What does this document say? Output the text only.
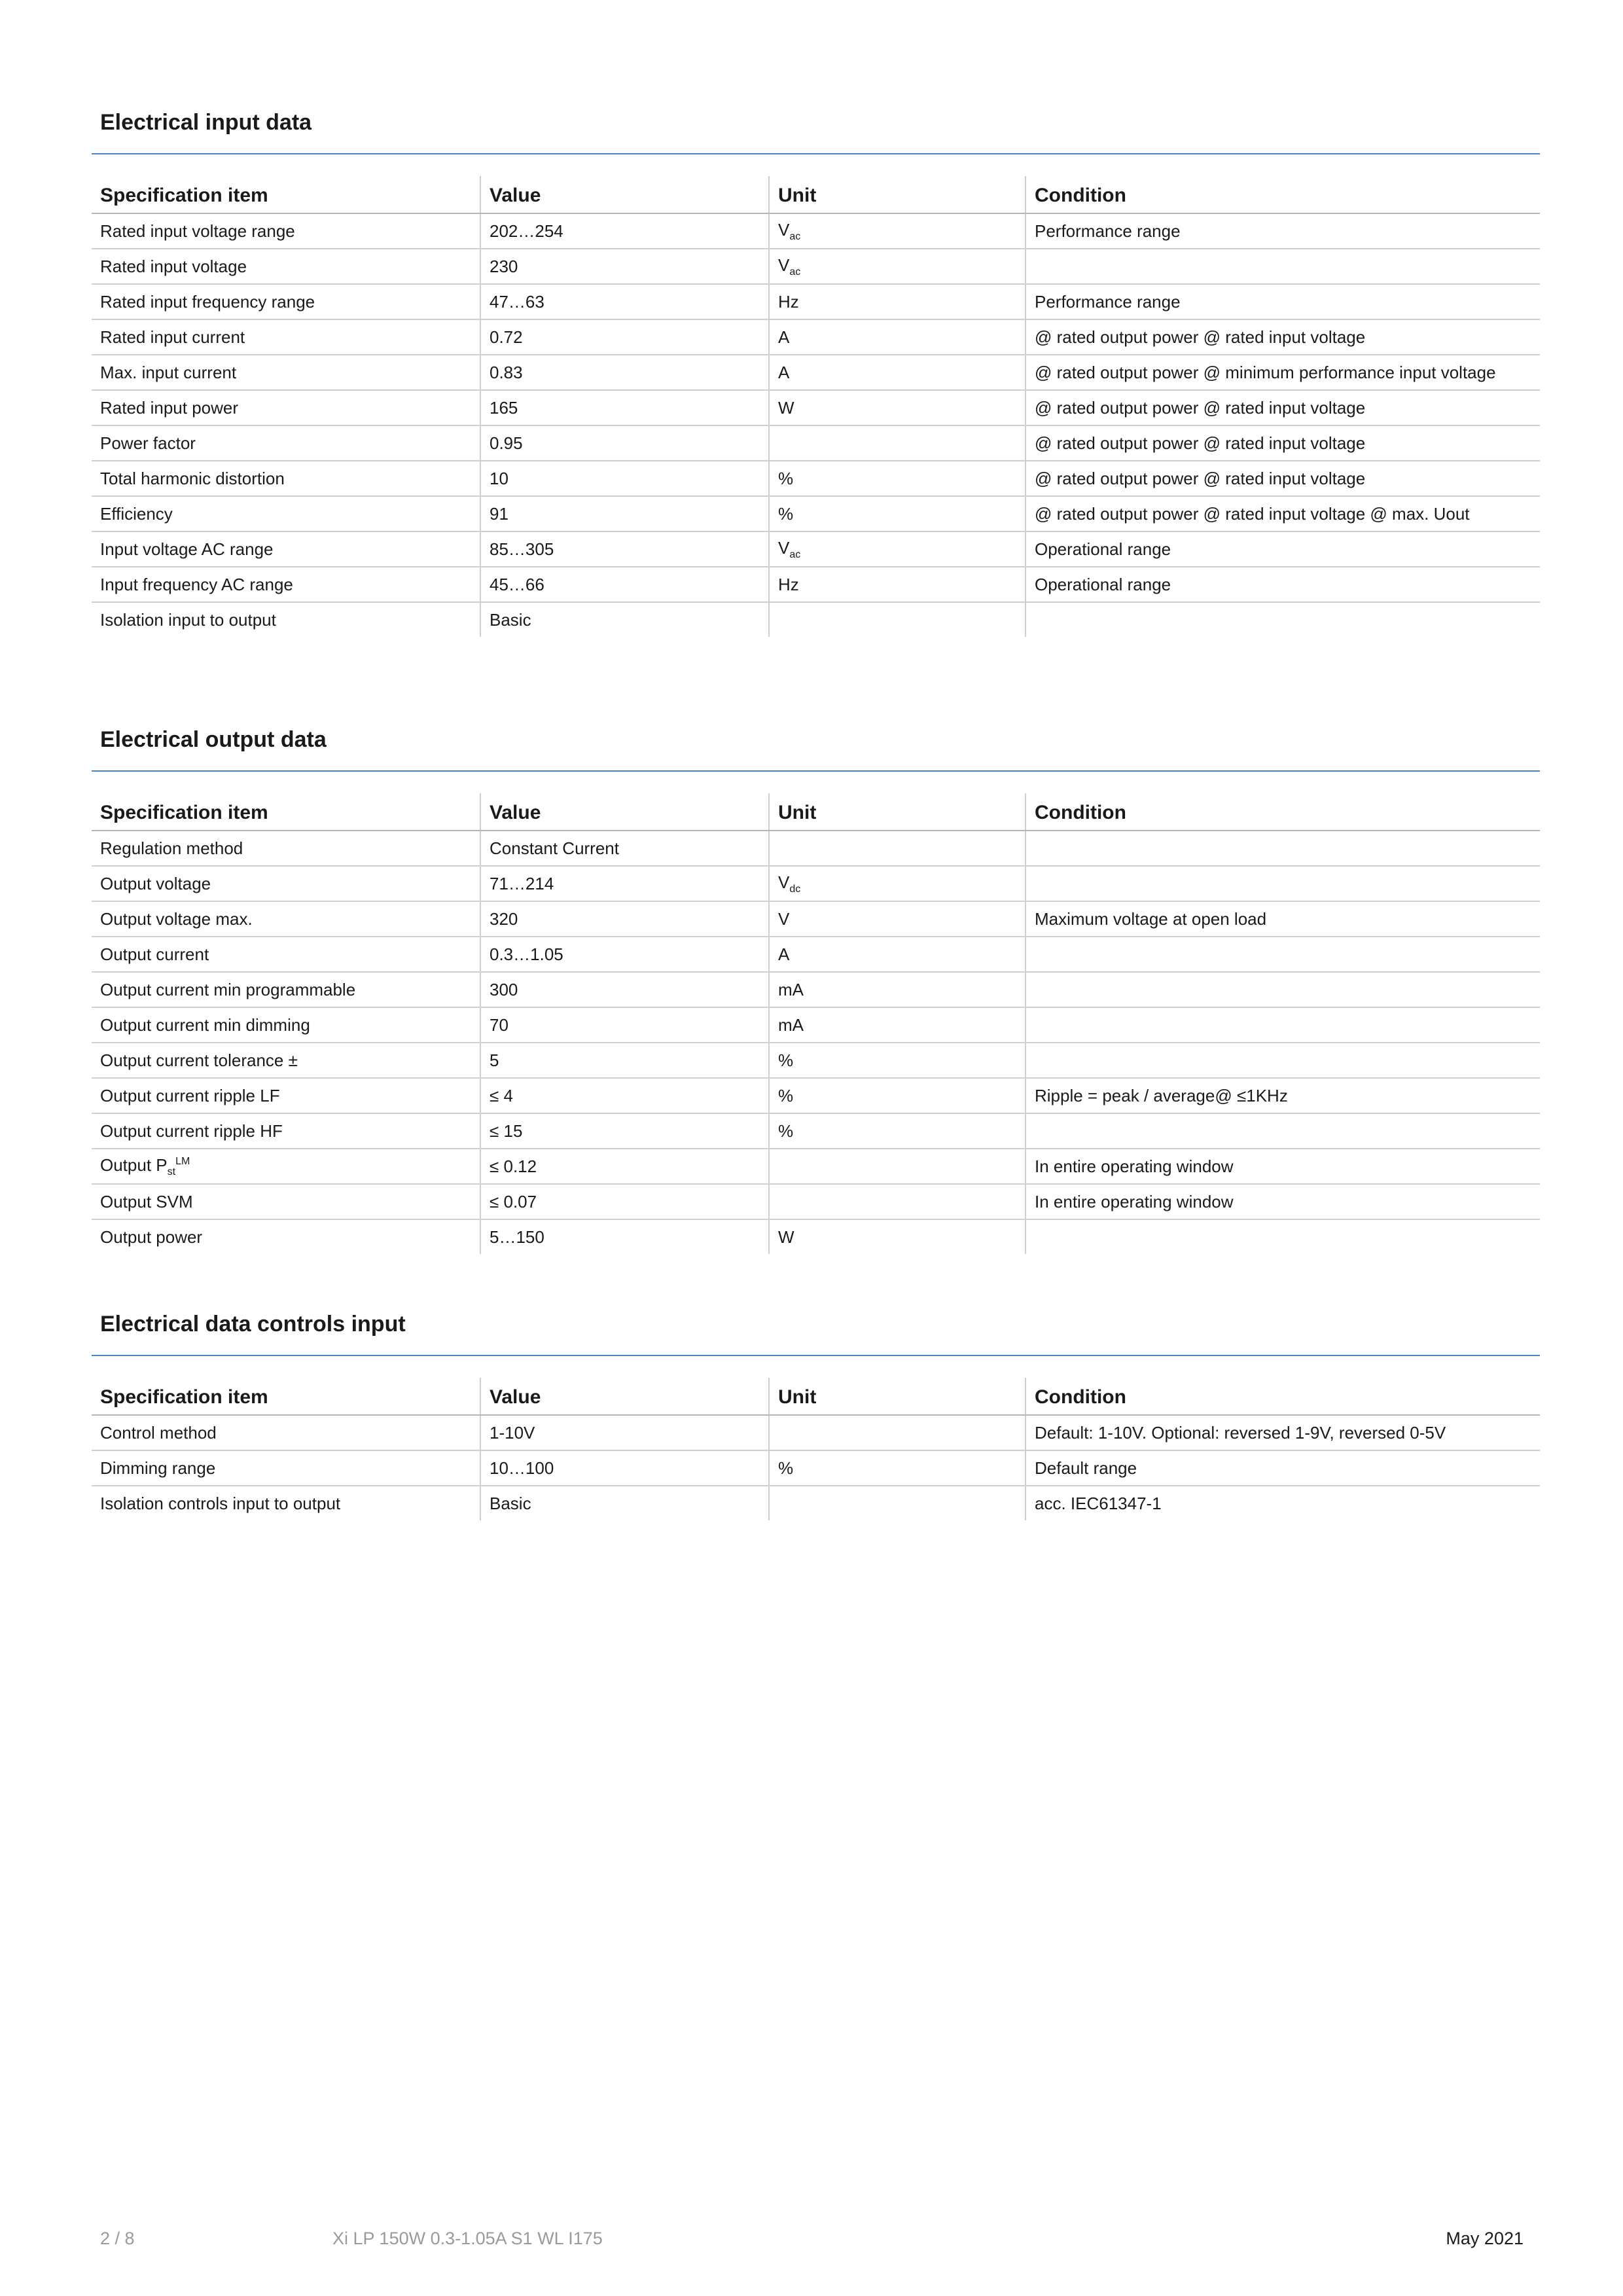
Electrical input data
Specification item	Value	Unit	Condition
Rated input voltage range	202…254	$V_{ac}$	Performance range
Rated input voltage	230	$V_{ac}$	
Rated input frequency range	47…63	Hz	Performance range
Rated input current	0.72	A	@ rated output power @ rated input voltage
Max. input current	0.83	A	@ rated output power @ minimum performance input voltage
Rated input power	165	W	@ rated output power @ rated input voltage
Power factor	0.95		@ rated output power @ rated input voltage
Total harmonic distortion	10	%	@ rated output power @ rated input voltage
Efficiency	91	%	@ rated output power @ rated input voltage @ max. Uout
Input voltage AC range	85…305	$V_{ac}$	Operational range
Input frequency AC range	45…66	Hz	Operational range
Isolation input to output	Basic		
Electrical output data
Specification item	Value	Unit	Condition
Regulation method	Constant Current		
Output voltage	71…214	$V_{dc}$	
Output voltage max.	320	V	Maximum voltage at open load
Output current	0.3…1.05	A	
Output current min programmable	300	mA	
Output current min dimming	70	mA	
Output current tolerance ±	5	%	
Output current ripple LF	≤ 4	%	Ripple = peak / average@ ≤1KHz
Output current ripple HF	≤ 15	%	
Output $P_{st}^{LM}$	≤ 0.12		In entire operating window
Output SVM	≤ 0.07		In entire operating window
Output power	5…150	W	
Electrical data controls input
Specification item	Value	Unit	Condition
Control method	1-10V		Default: 1-10V. Optional: reversed 1-9V, reversed 0-5V
Dimming range	10…100	%	Default range
Isolation controls input to output	Basic		acc. IEC61347-1
2 / 8	Xi LP 150W 0.3-1.05A S1 WL I175	May 2021
